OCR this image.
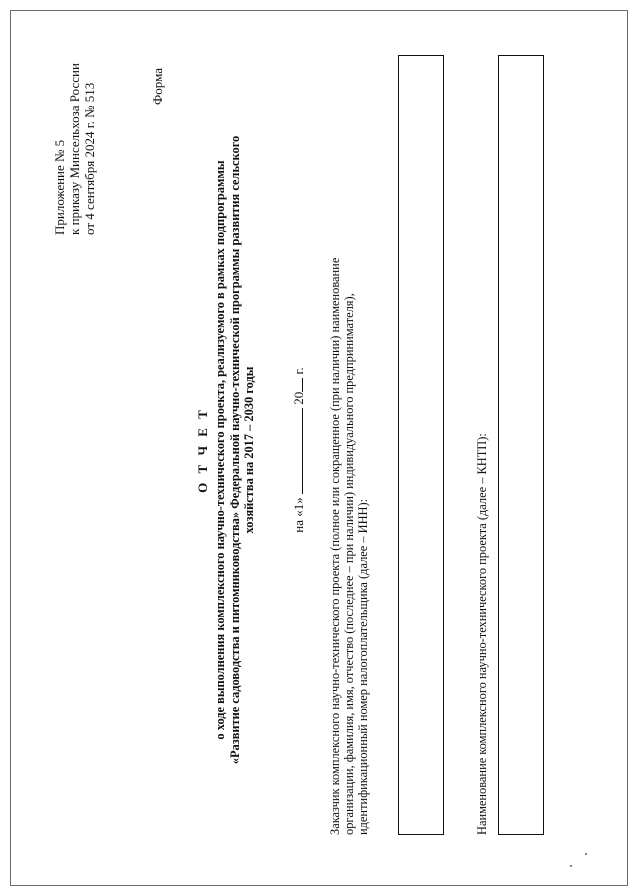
Приложение № 5 к приказу Минсельхоза России от 4 сентября 2024 г. № 513	Форма
О Т Ч Е Т о ходе выполнения комплексного научно-технического проекта, реализуемого в рамках подпрограммы «Развитие садоводства и питомниководства» Федеральной научно-технической программы развития сельского хозяйства на 2017 – 2030 годы	на «1»  20 г. Заказчик комплексного научно-технического проекта (полное или сокращенное (при наличии) наименование организации, фамилия, имя, отчество (последнее – при наличии) индивидуального предпринимателя), идентификационный номер налогоплательщика (далее – ИНН):	Наименование комплексного научно-технического проекта (далее – КНТП):
